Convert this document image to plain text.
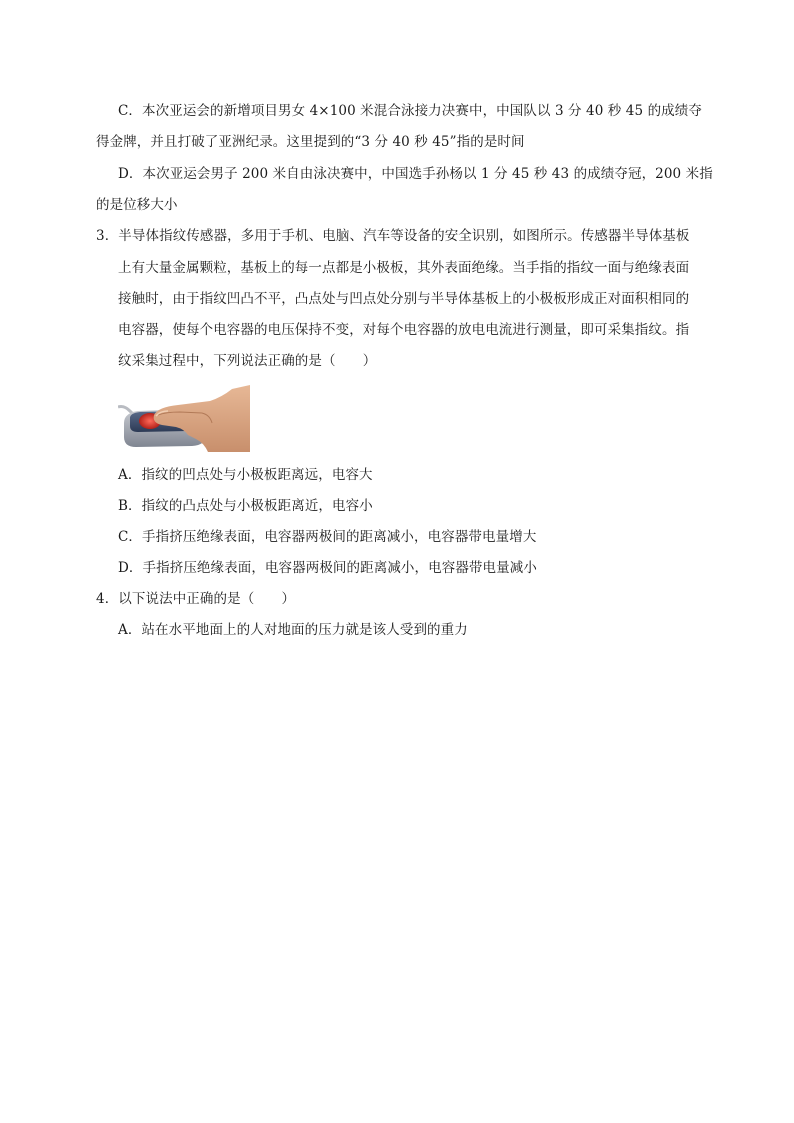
C．本次亚运会的新增项目男女 4×100 米混合泳接力决赛中，中国队以 3 分 40 秒 45 的成绩夺
得金牌，并且打破了亚洲纪录。这里提到的“3 分 40 秒 45”指的是时间
D．本次亚运会男子 200 米自由泳决赛中，中国选手孙杨以 1 分 45 秒 43 的成绩夺冠，200 米指
的是位移大小
3．半导体指纹传感器，多用于手机、电脑、汽车等设备的安全识别，如图所示。传感器半导体基板
上有大量金属颗粒，基板上的每一点都是小极板，其外表面绝缘。当手指的指纹一面与绝缘表面
接触时，由于指纹凹凸不平，凸点处与凹点处分别与半导体基板上的小极板形成正对面积相同的
电容器，使每个电容器的电压保持不变，对每个电容器的放电电流进行测量，即可采集指纹。指
纹采集过程中，下列说法正确的是（　　）
A．指纹的凹点处与小极板距离远，电容大
B．指纹的凸点处与小极板距离近，电容小
C．手指挤压绝缘表面，电容器两极间的距离减小，电容器带电量增大
D．手指挤压绝缘表面，电容器两极间的距离减小，电容器带电量减小
4．以下说法中正确的是（　　）
A．站在水平地面上的人对地面的压力就是该人受到的重力
